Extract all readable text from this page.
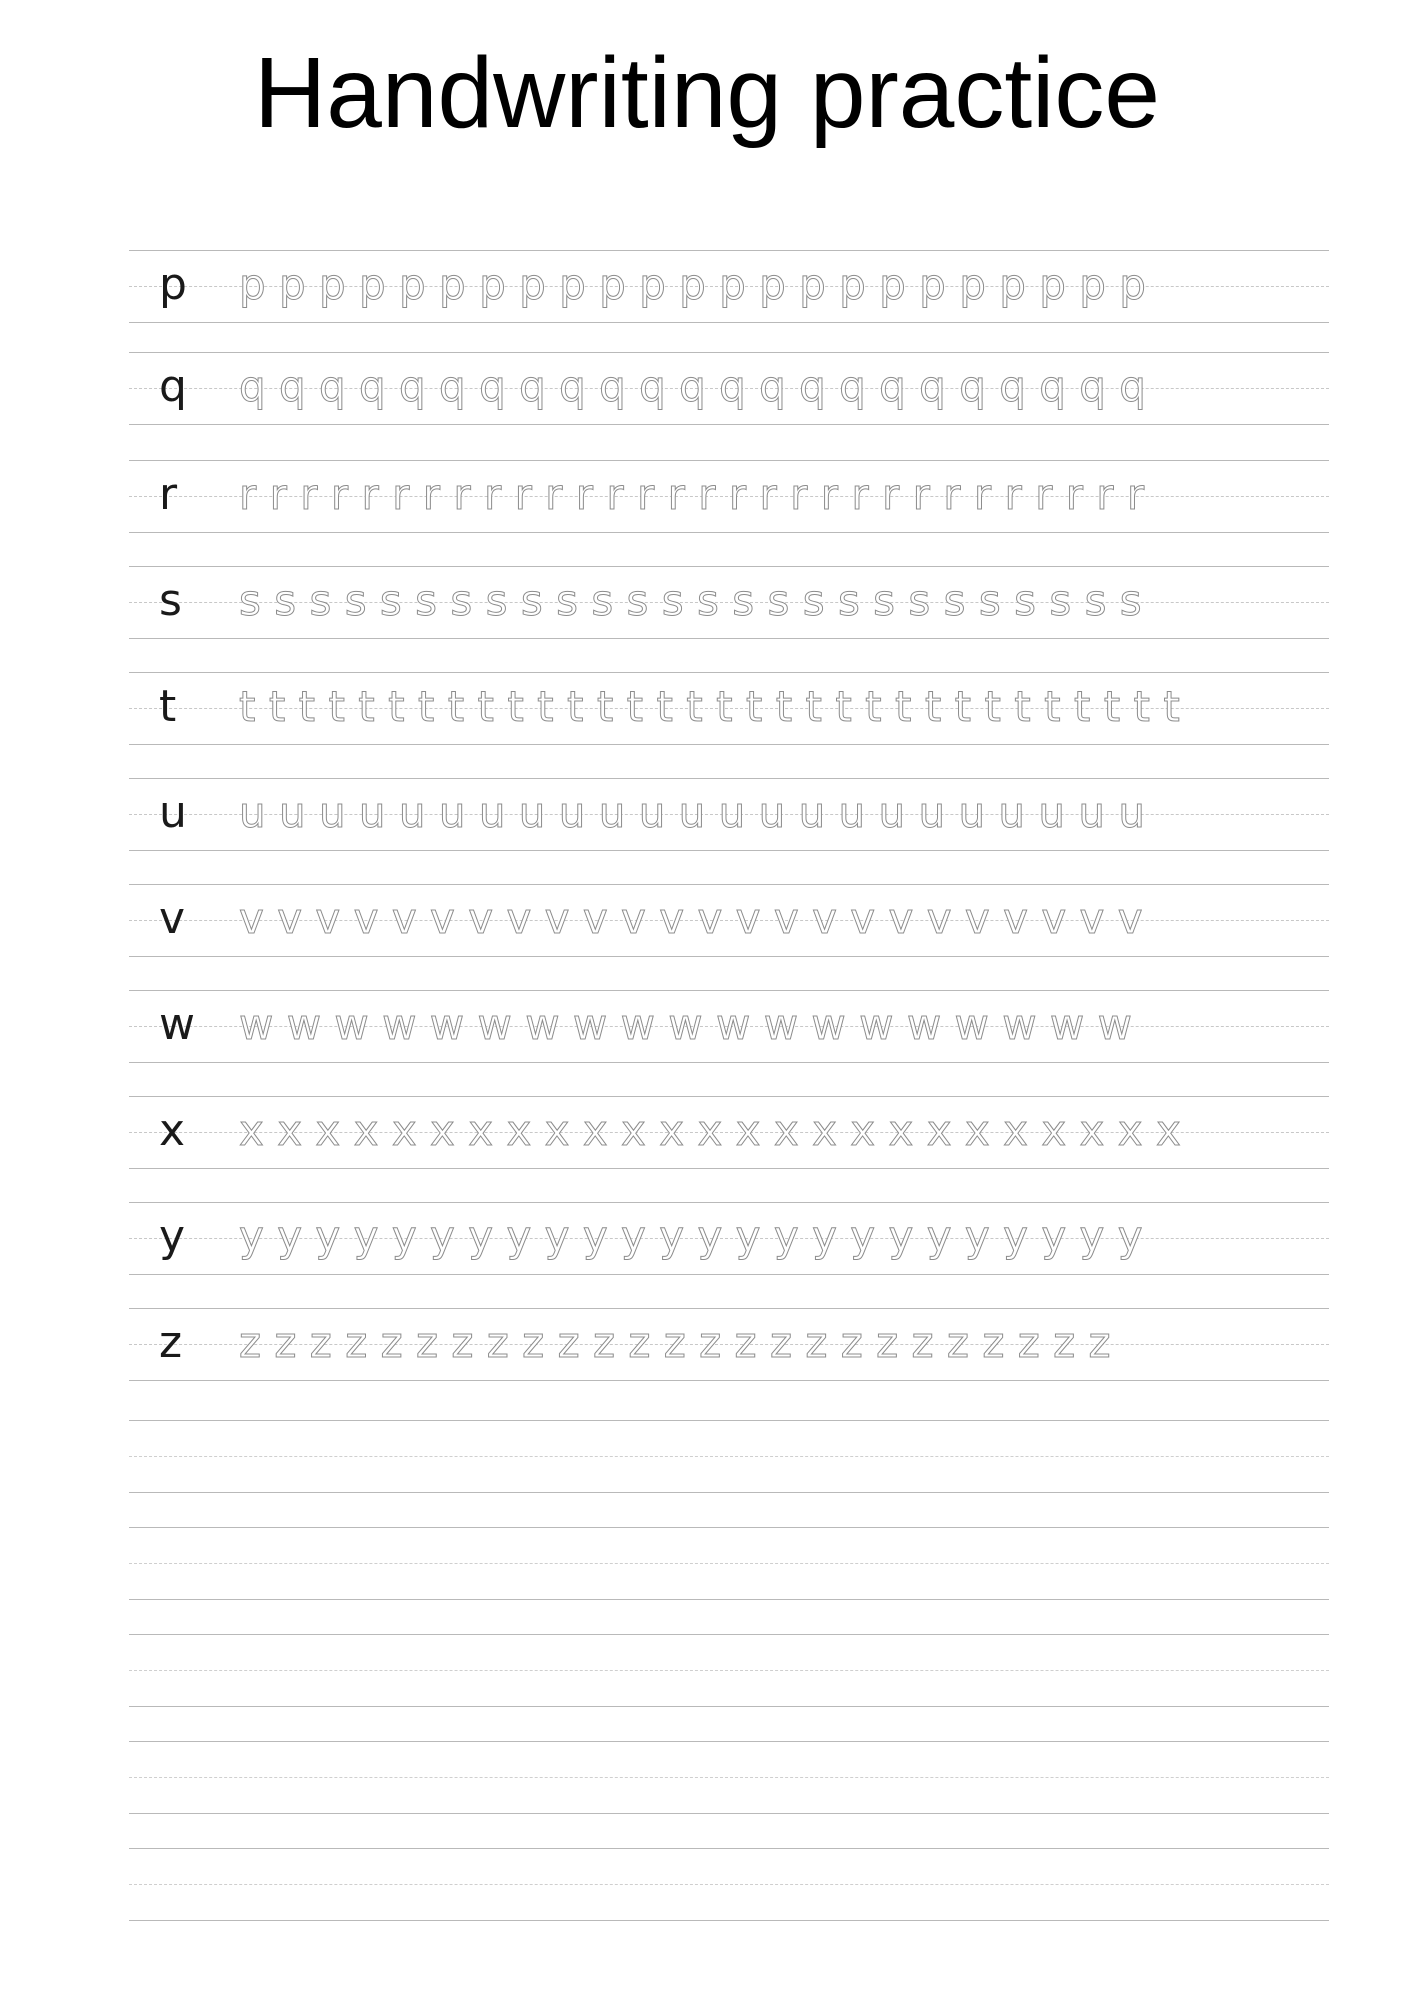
Handwriting practice
p	p p p p p p p p p p p p p p p p p p p p p p p
q	q q q q q q q q q q q q q q q q q q q q q q q
r	r r r r r r r r r r r r r r r r r r r r r r r r r r r r r r
s	s s s s s s s s s s s s s s s s s s s s s s s s s s
t	t t t t t t t t t t t t t t t t t t t t t t t t t t t t t t t t
u	u u u u u u u u u u u u u u u u u u u u u u u
v	v v v v v v v v v v v v v v v v v v v v v v v v
w	w w w w w w w w w w w w w w w w w w w
x	x x x x x x x x x x x x x x x x x x x x x x x x x
y	y y y y y y y y y y y y y y y y y y y y y y y y
z	z z z z z z z z z z z z z z z z z z z z z z z z z
